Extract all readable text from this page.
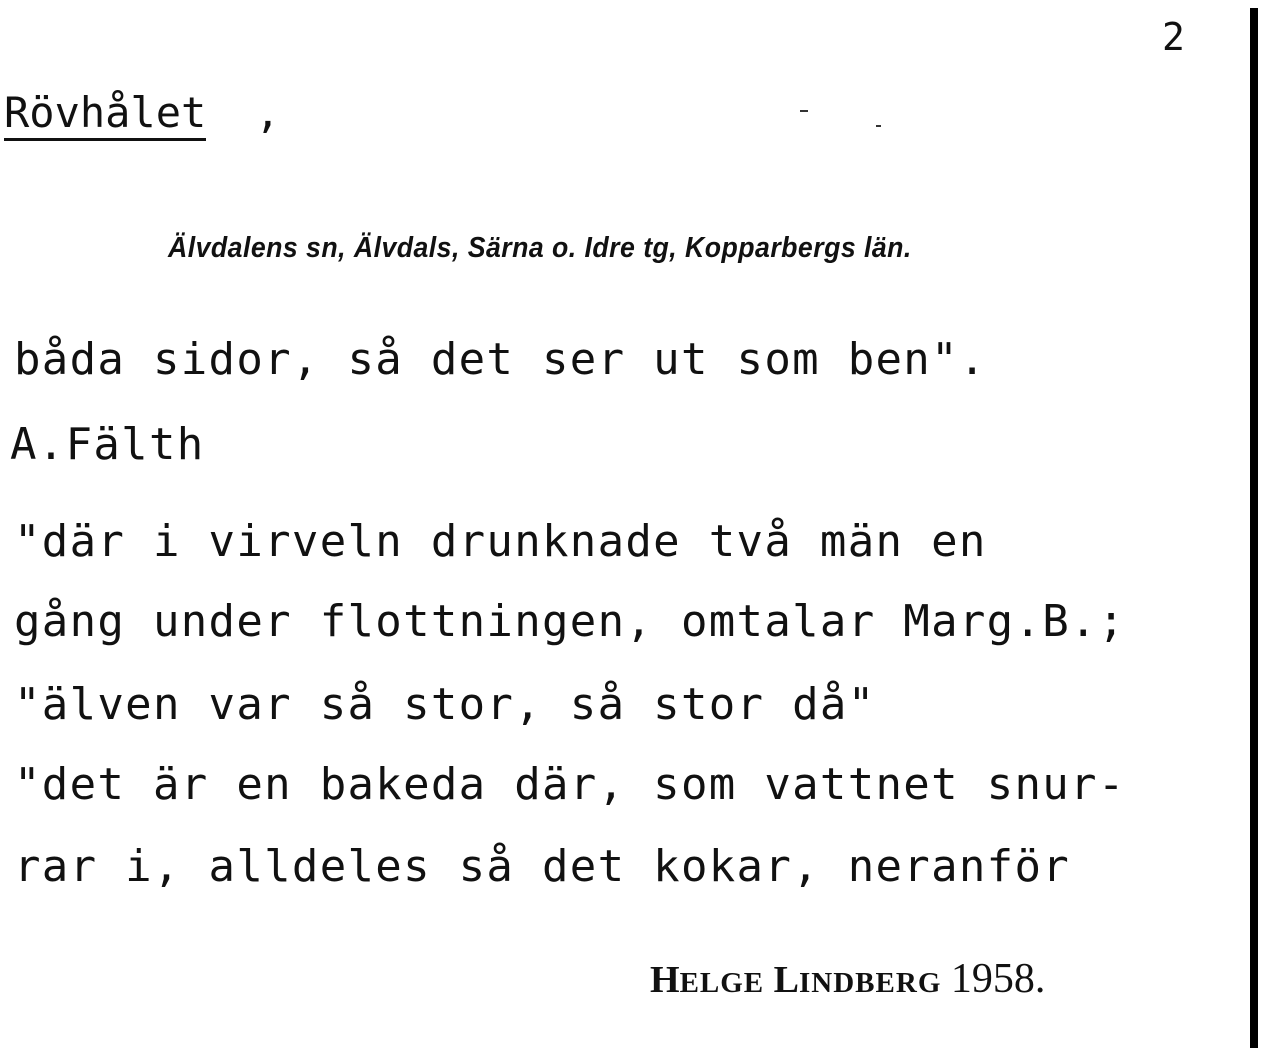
2
Rövhålet ,
Älvdalens sn, Älvdals, Särna o. Idre tg, Kopparbergs län.
båda sidor, så det ser ut som ben".
A.Fälth
"där i virveln drunknade två män en
gång under flottningen, omtalar Marg.B.;
"älven var så stor, så stor då"
"det är en bakeda där, som vattnet snur-
rar i, alldeles så det kokar, neranför
HELGE LINDBERG 1958.
